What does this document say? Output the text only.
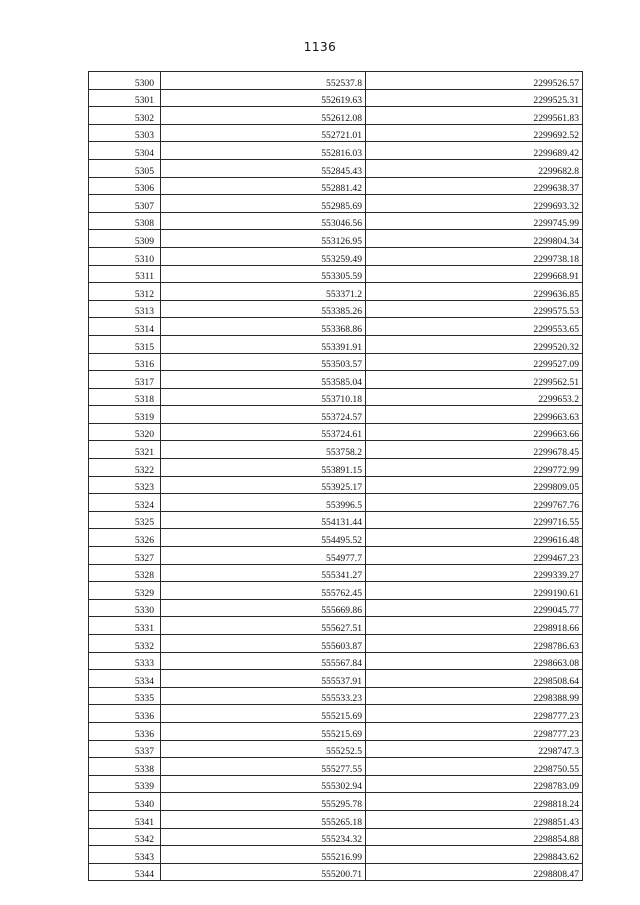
1136
5300	552537.8	2299526.57
5301	552619.63	2299525.31
5302	552612.08	2299561.83
5303	552721.01	2299692.52
5304	552816.03	2299689.42
5305	552845.43	2299682.8
5306	552881.42	2299638.37
5307	552985.69	2299693.32
5308	553046.56	2299745.99
5309	553126.95	2299804.34
5310	553259.49	2299738.18
5311	553305.59	2299668.91
5312	553371.2	2299636.85
5313	553385.26	2299575.53
5314	553368.86	2299553.65
5315	553391.91	2299520.32
5316	553503.57	2299527.09
5317	553585.04	2299562.51
5318	553710.18	2299653.2
5319	553724.57	2299663.63
5320	553724.61	2299663.66
5321	553758.2	2299678.45
5322	553891.15	2299772.99
5323	553925.17	2299809.05
5324	553996.5	2299767.76
5325	554131.44	2299716.55
5326	554495.52	2299616.48
5327	554977.7	2299467.23
5328	555341.27	2299339.27
5329	555762.45	2299190.61
5330	555669.86	2299045.77
5331	555627.51	2298918.66
5332	555603.87	2298786.63
5333	555567.84	2298663.08
5334	555537.91	2298508.64
5335	555533.23	2298388.99
5336	555215.69	2298777.23
5336	555215.69	2298777.23
5337	555252.5	2298747.3
5338	555277.55	2298750.55
5339	555302.94	2298783.09
5340	555295.78	2298818.24
5341	555265.18	2298851.43
5342	555234.32	2298854.88
5343	555216.99	2298843.62
5344	555200.71	2298808.47
